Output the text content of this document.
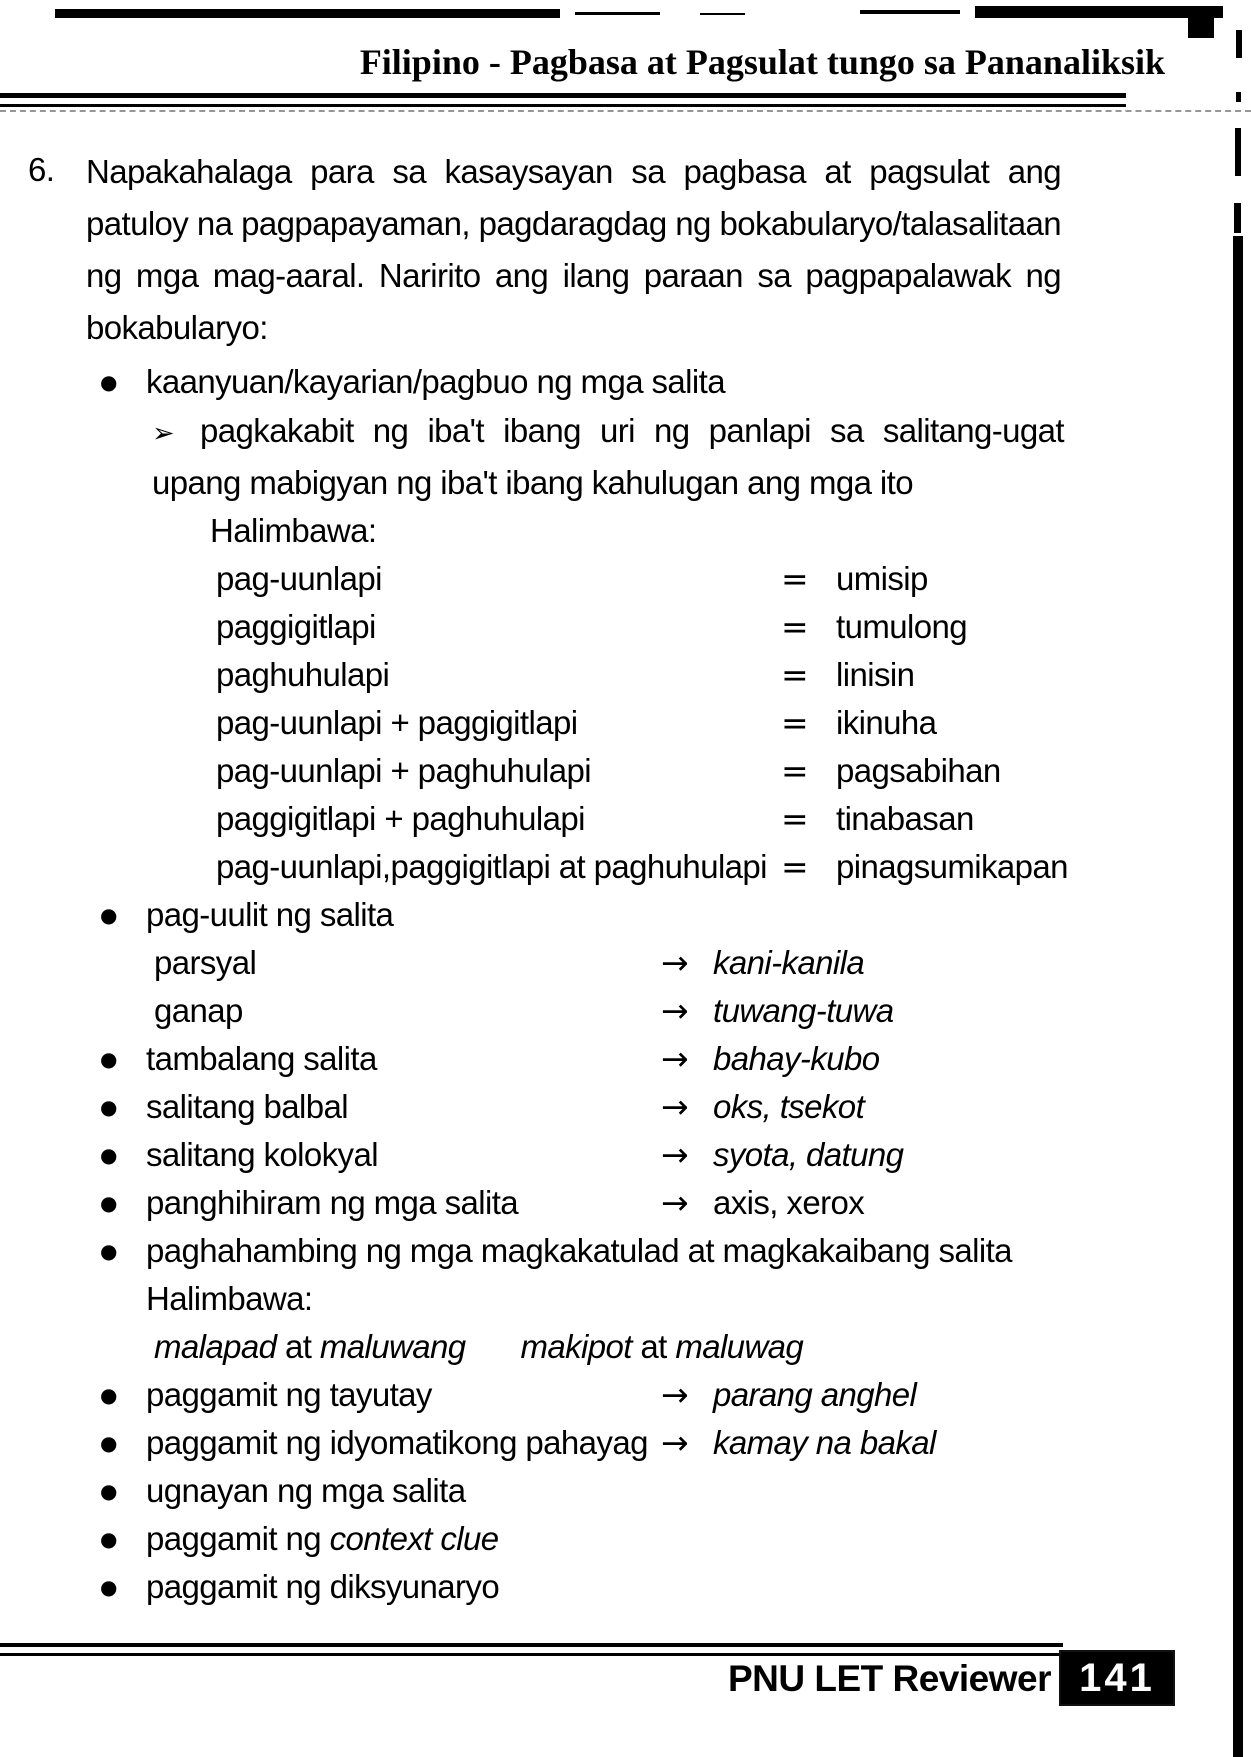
Filipino - Pagbasa at Pagsulat tungo sa Pananaliksik
6. Napakahalaga para sa kasaysayan sa pagbasa at pagsulat ang patuloy na pagpapayaman, pagdaragdag ng bokabularyo/talasalitaan ng mga mag-aaral. Naririto ang ilang paraan sa pagpapalawak ng bokabularyo:
● kaanyuan/kayarian/pagbuo ng mga salita
➢ pagkakabit ng iba't ibang uri ng panlapi sa salitang-ugat upang mabigyan ng iba't ibang kahulugan ang mga ito
Halimbawa:
pag-uunlapi	= umisip
paggigitlapi	= tumulong
paghuhulapi	= linisin
pag-uunlapi + paggigitlapi	= ikinuha
pag-uunlapi + paghuhulapi	= pagsabihan
paggigitlapi + paghuhulapi	= tinabasan
pag-uunlapi,paggigitlapi at paghuhulapi = pinagsumikapan
● pag-uulit ng salita
parsyal	→ kani-kanila
ganap	→ tuwang-tuwa
● tambalang salita	→ bahay-kubo
● salitang balbal	→ oks, tsekot
● salitang kolokyal	→ syota, datung
● panghihiram ng mga salita	→ axis, xerox
● paghahambing ng mga magkakatulad at magkakaibang salita
Halimbawa:
malapad at maluwang makipot at maluwag
● paggamit ng tayutay	→ parang anghel
● paggamit ng idyomatikong pahayag → kamay na bakal
● ugnayan ng mga salita
● paggamit ng context clue
● paggamit ng diksyunaryo
PNU LET Reviewer 141
